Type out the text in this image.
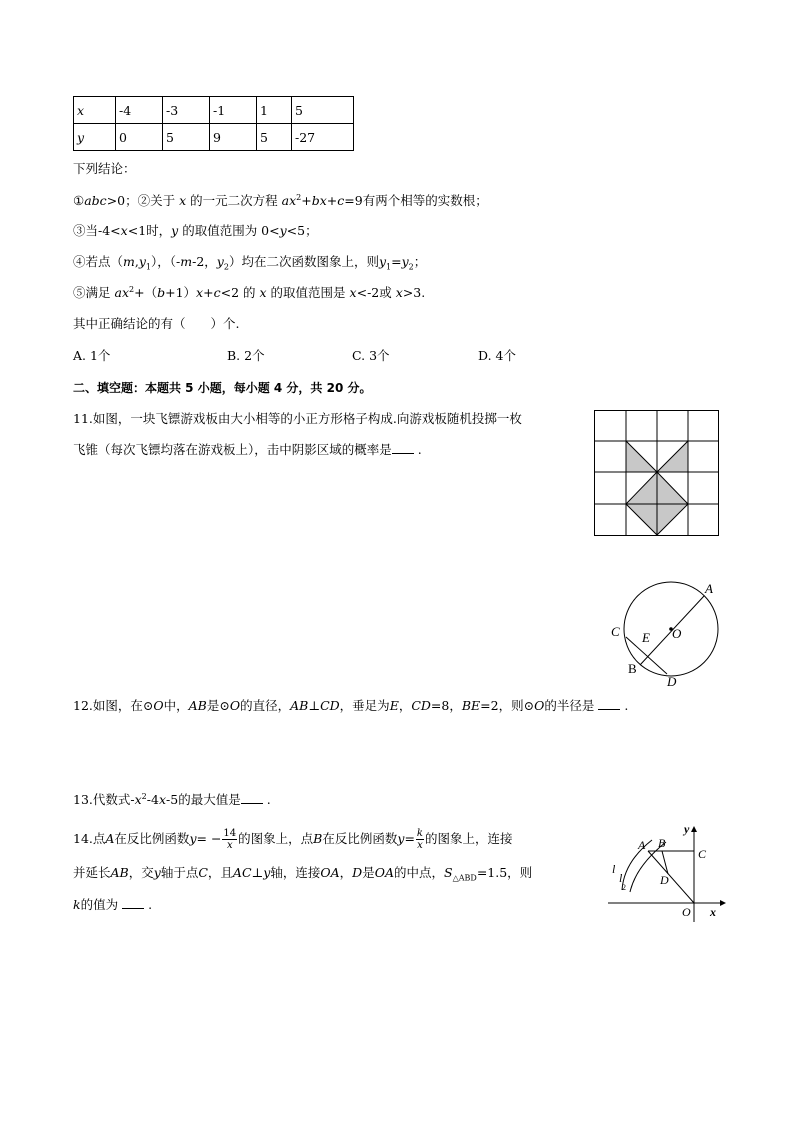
x	-4	-3	-1	1	5
y	0	5	9	5	-27
下列结论：
①abc>0；②关于 x 的一元二次方程 $ax^2+bx+c=9$有两个相等的实数根；
③当-4<x<1时，y 的取值范围为 0<y<5；
④若点$(m,y_1)$，（-m-2，$y_2$）均在二次函数图象上，则$y_1=y_2$；
⑤满足 $ax^2+(b+1)x+c<2$ 的 x 的取值范围是 x<-2或 x>3.
其中正确结论的有（　　）个.
A. 1个	B. 2个	C. 3个	D. 4个
二、填空题：本题共 5 小题，每小题 4 分，共 20 分。
11.如图，一块飞镖游戏板由大小相等的小正方形格子构成.向游戏板随机投掷一枚
飞锥（每次飞镖均落在游戏板上），击中阴影区域的概率是 .
A
C E O
B
D
12.如图，在⊙O中，AB是⊙O的直径，AB⊥CD，垂足为E，CD=8，BE=2，则⊙O的半径是 .
13.代数式$-x^2-4x-5$的最大值是 .
14.点A在反比例函数$y= - \frac{14}{x}$ 的图象上，点B在反比例函数$y= \frac{k}{x}$ 的图象上，连接
并延长AB，交y轴于点C，且AC⊥y轴，连接OA，D是OA的中点，$S_{\triangle ABD}=1.5$，则
k的值为 .
A B
C
D
O x
y
l
l
2
